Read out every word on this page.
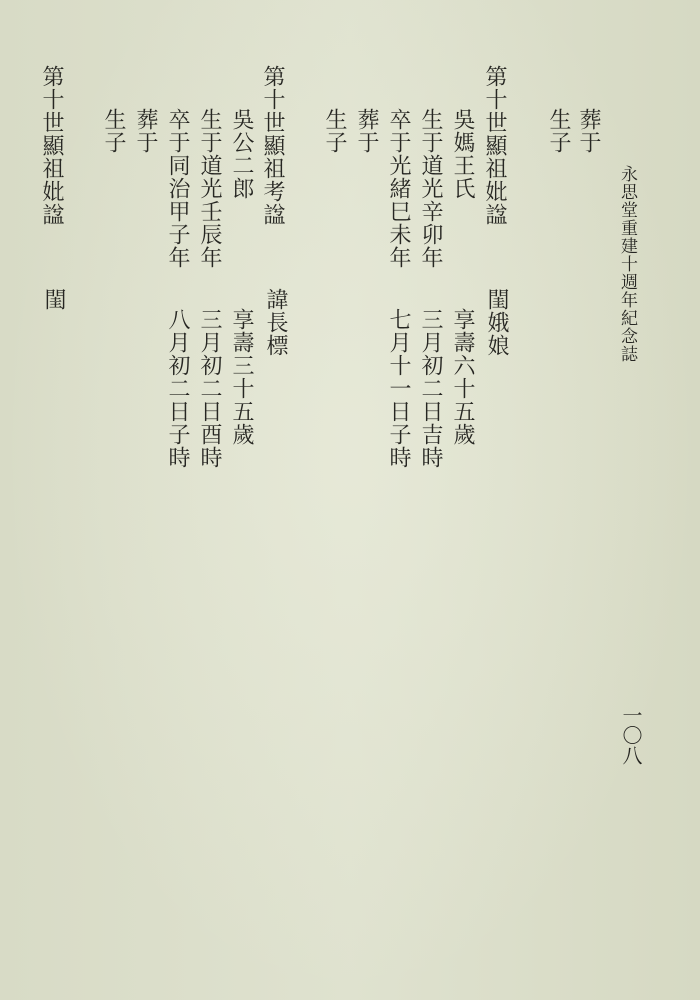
永思堂重建十週年紀念誌
一〇八
葬于
生子
第十世顯祖妣諡
閨娥娘
吳媽王氏
享壽六十五歲
生于道光辛卯年
三月初二日吉時
卒于光緒巳未年
七月十一日子時
葬于
生子
第十世顯祖考諡
諱長標
吳公二郎
享壽三十五歲
生于道光壬辰年
三月初二日酉時
卒于同治甲子年
八月初二日子時
葬于
生子
第十世顯祖妣諡
閨
